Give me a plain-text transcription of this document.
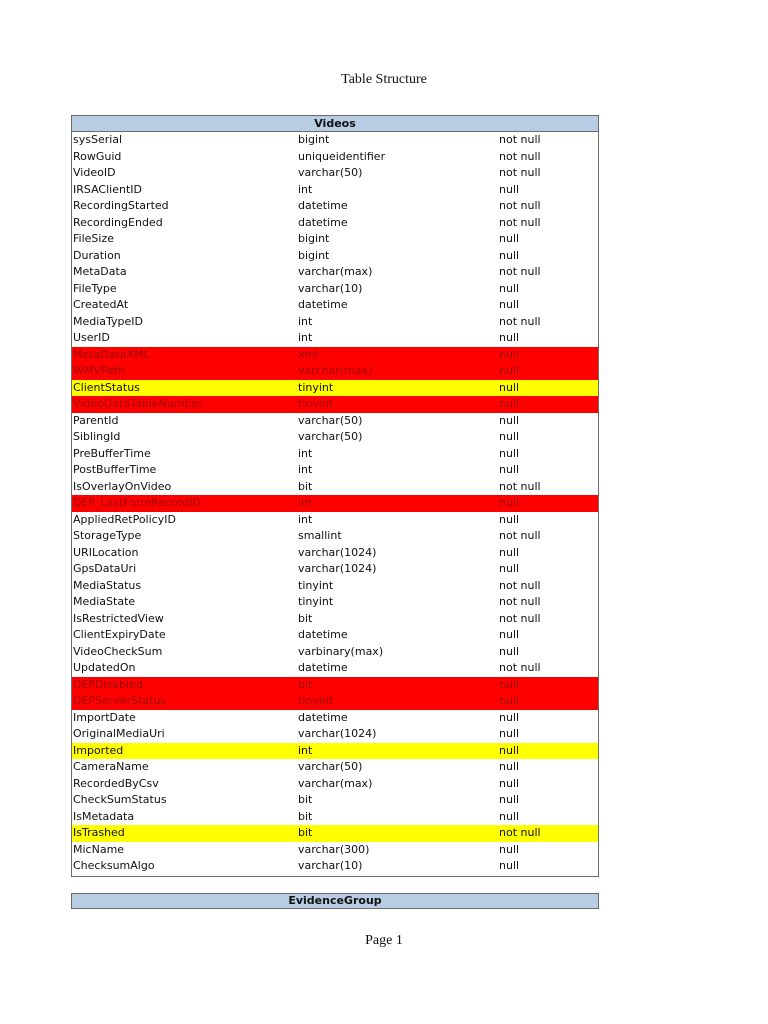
Table Structure
Videos
sysSerial	bigint	not null
RowGuid	uniqueidentifier	not null
VideoID	varchar(50)	not null
IRSAClientID	int	null
RecordingStarted	datetime	not null
RecordingEnded	datetime	not null
FileSize	bigint	null
Duration	bigint	null
MetaData	varchar(max)	not null
FileType	varchar(10)	null
CreatedAt	datetime	null
MediaTypeID	int	not null
UserID	int	null
MetaDataXML	xml	null
WMVPath	varchar(max)	null
ClientStatus	tinyint	null
VideoDataTableNumber	tinyint	null
ParentId	varchar(50)	null
SiblingId	varchar(50)	null
PreBufferTime	int	null
PostBufferTime	int	null
IsOverlayOnVideo	bit	not null
DEP_LastFormRecordID	int	null
AppliedRetPolicyID	int	null
StorageType	smallint	not null
URILocation	varchar(1024)	null
GpsDataUri	varchar(1024)	null
MediaStatus	tinyint	not null
MediaState	tinyint	not null
IsRestrictedView	bit	not null
ClientExpiryDate	datetime	null
VideoCheckSum	varbinary(max)	null
UpdatedOn	datetime	not null
DEPDisabled	bit	null
DEPServerStatus	tinyint	null
ImportDate	datetime	null
OriginalMediaUri	varchar(1024)	null
Imported	int	null
CameraName	varchar(50)	null
RecordedByCsv	varchar(max)	null
CheckSumStatus	bit	null
IsMetadata	bit	null
IsTrashed	bit	not null
MicName	varchar(300)	null
ChecksumAlgo	varchar(10)	null
EvidenceGroup
Page 1
